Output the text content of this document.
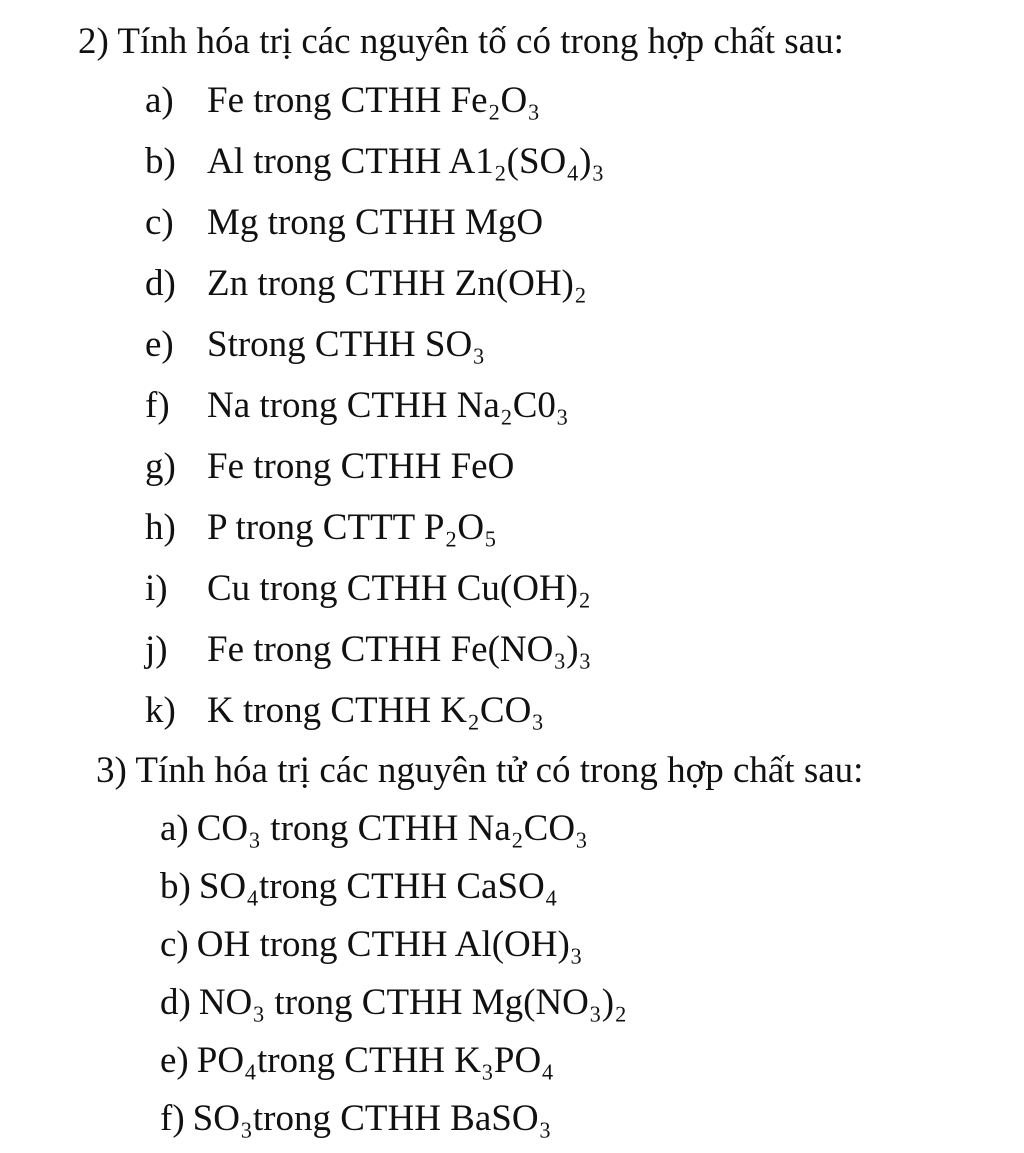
2) Tính hóa trị các nguyên tố có trong hợp chất sau:
a) Fe trong CTHH Fe₂O₃
b) Al trong CTHH A1₂(SO₄)₃
c) Mg trong CTHH MgO
d) Zn trong CTHH Zn(OH)₂
e) Strong CTHH SO₃
f) Na trong CTHH Na₂C0₃
g) Fe trong CTHH FeO
h) P trong CTTT P₂O₅
i) Cu trong CTHH Cu(OH)₂
j) Fe trong CTHH Fe(NO₃)₃
k) K trong CTHH K₂CO₃
3) Tính hóa trị các nguyên tử có trong hợp chất sau:
a) CO₃ trong CTHH Na₂CO₃
b) SO₄trong CTHH CaSO₄
c) OH trong CTHH Al(OH)₃
d) NO₃ trong CTHH Mg(NO₃)₂
e) PO₄trong CTHH K₃PO₄
f) SO₃trong CTHH BaSO₃
